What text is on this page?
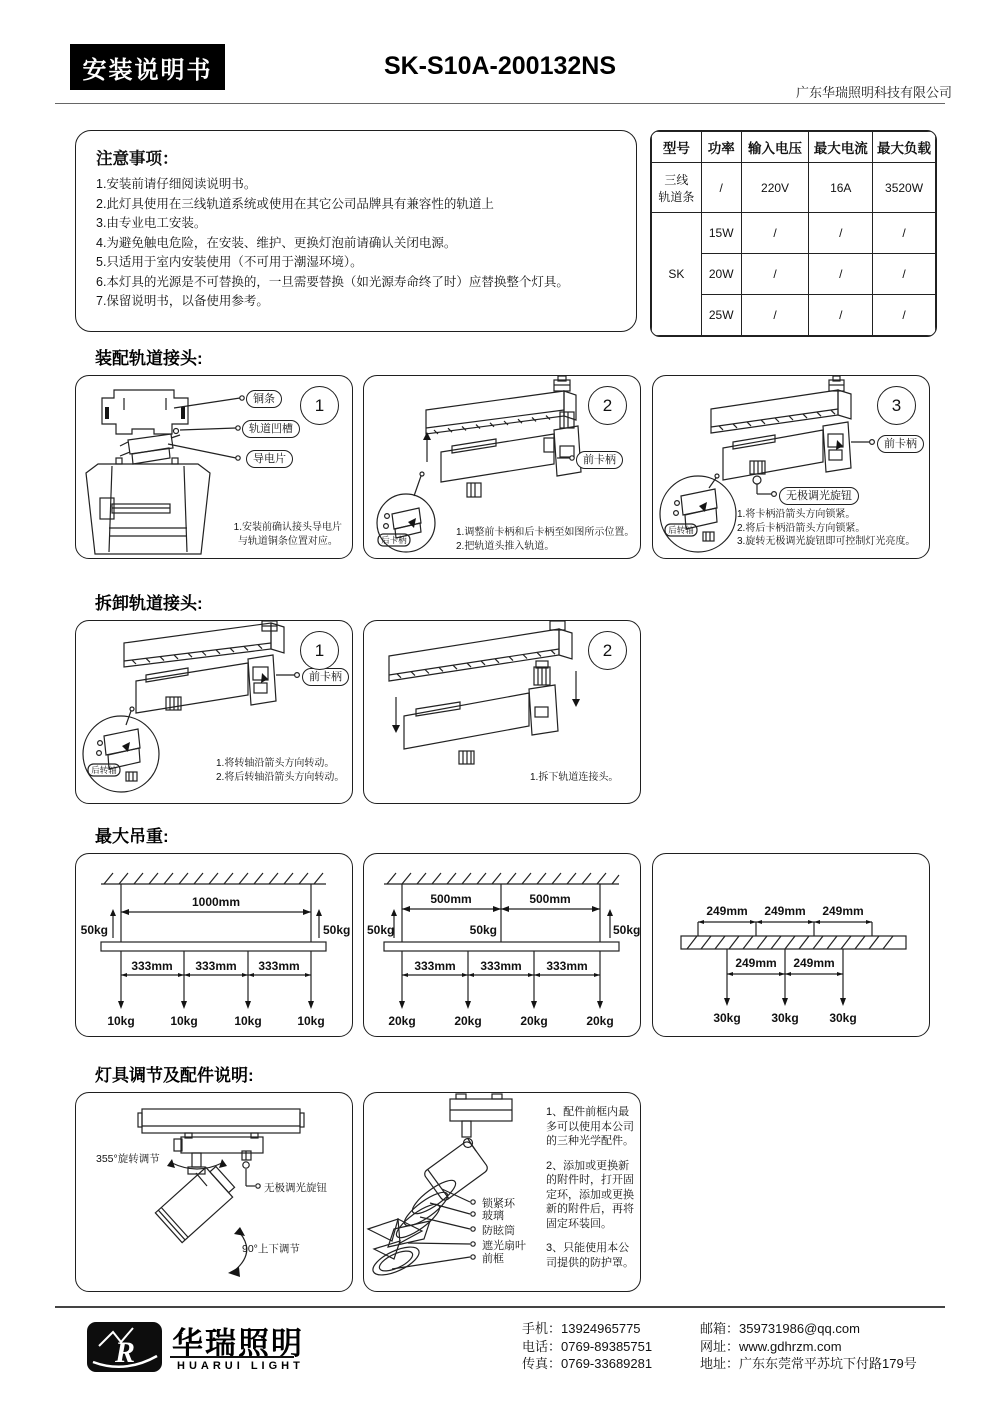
安装说明书	SK-S10A-200132NS
广东华瑞照明科技有限公司
注意事项：
1.安装前请仔细阅读说明书。
2.此灯具使用在三线轨道系统或使用在其它公司品牌具有兼容性的轨道上
3.由专业电工安装。
4.为避免触电危险，在安装、维护、更换灯泡前请确认关闭电源。
5.只适用于室内安装使用（不可用于潮湿环境）。
6.本灯具的光源是不可替换的，一旦需要替换（如光源寿命终了时）应替换整个灯具。
7.保留说明书，以备使用参考。
型号	功率	输入电压	最大电流	最大负载

三线
轨道条	/	220V	16A	3520W
SK	15W	/	/	/
	20W	/	/	/
	25W	/	/	/
装配轨道接头:
铜条
轨道凹槽
导电片
1
1.安装前确认接头导电片
与轨道铜条位置对应。	后卡柄
前卡柄
2
1.调整前卡柄和后卡柄至如图所示位置。
2.把轨道头推入轨道。
后转轴
前卡柄
无极调光旋钮
3
1.将卡柄沿箭头方向锁紧。
2.将后卡柄沿箭头方向锁紧。
3.旋转无极调光旋钮即可控制灯光亮度。
拆卸轨道接头:
后转轴
前卡柄
1
1.将转轴沿箭头方向转动。
2.将后转轴沿箭头方向转动。
2
1.拆下轨道连接头。
最大吊重:
50kg	50kg
1000mm
333mm 333mm 333mm
10kg	10kg	10kg	10kg
50kg	50kg	50kg
500mm	500mm
333mm 333mm 333mm
20kg	20kg	20kg	20kg
249mm 249mm 249mm
249mm 249mm
30kg	30kg	30kg
灯具调节及配件说明:
355°旋转调节
无极调光旋钮
90°上下调节
锁紧环
玻璃
防眩筒
遮光扇叶
前框

1、配件前框内最多可以使用本公司的三种光学配件。

2、添加或更换新的附件时，打开固定环，添加或更换新的附件后，再将固定环装回。

3、只能使用本公司提供的防护罩。

R 华瑞照明
HUARUI LIGHT
手机：13924965775
电话：0769-89385751
传真：0769-33689281
邮箱：359731986@qq.com
网址：www.gdhrzm.com
地址：广东东莞常平苏坑下付路179号
